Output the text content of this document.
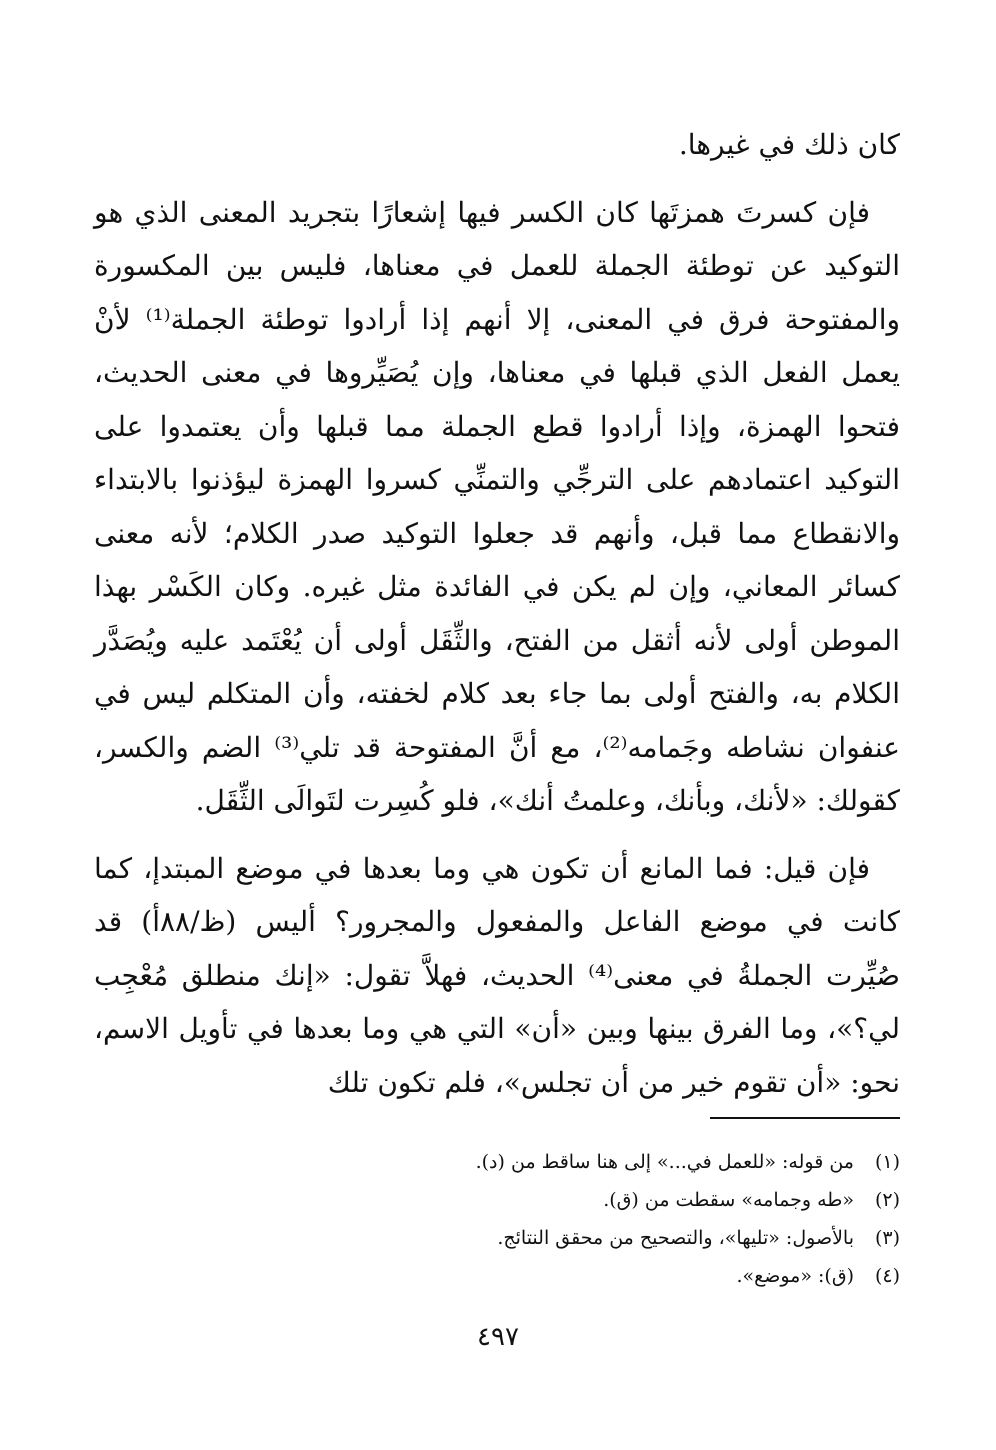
كان ذلك في غيرها.

فإن كسرتَ همزتَها كان الكسر فيها إشعارًا بتجريد المعنى الذي هو التوكيد عن توطئة الجملة للعمل في معناها، فليس بين المكسورة والمفتوحة فرق في المعنى، إلا أنهم إذا أرادوا توطئة الجملة⁽¹⁾ لأنْ يعمل الفعل الذي قبلها في معناها، وإن يُصَيِّروها في معنى الحديث، فتحوا الهمزة، وإذا أرادوا قطع الجملة مما قبلها وأن يعتمدوا على التوكيد اعتمادهم على الترجِّي والتمنِّي كسروا الهمزة ليؤذنوا بالابتداء والانقطاع مما قبل، وأنهم قد جعلوا التوكيد صدر الكلام؛ لأنه معنى كسائر المعاني، وإن لم يكن في الفائدة مثل غيره. وكان الكَسْر بهذا الموطن أولى لأنه أثقل من الفتح، والثِّقَل أولى أن يُعْتَمد عليه ويُصَدَّر الكلام به، والفتح أولى بما جاء بعد كلام لخفته، وأن المتكلم ليس في عنفوان نشاطه وجَمامه⁽²⁾، مع أنَّ المفتوحة قد تلي⁽³⁾ الضم والكسر، كقولك: «لأنك، وبأنك، وعلمتُ أنك»، فلو كُسِرت لتَوالَى الثِّقَل.

فإن قيل: فما المانع أن تكون هي وما بعدها في موضع المبتدإ، كما كانت في موضع الفاعل والمفعول والمجرور؟ أليس (ظ/٨٨أ) قد صُيِّرت الجملةُ في معنى⁽⁴⁾ الحديث، فهلاَّ تقول: «إنك منطلق مُعْجِب لي؟»، وما الفرق بينها وبين «أن» التي هي وما بعدها في تأويل الاسم، نحو: «أن تقوم خير من أن تجلس»، فلم تكون تلك

(١)
من قوله: «للعمل في...» إلى هنا ساقط من (د).
(٢)
«طه وجمامه» سقطت من (ق).
(٣)
بالأصول: «تليها»، والتصحيح من محقق النتائج.
(٤)
(ق): «موضع».
٤٩٧
